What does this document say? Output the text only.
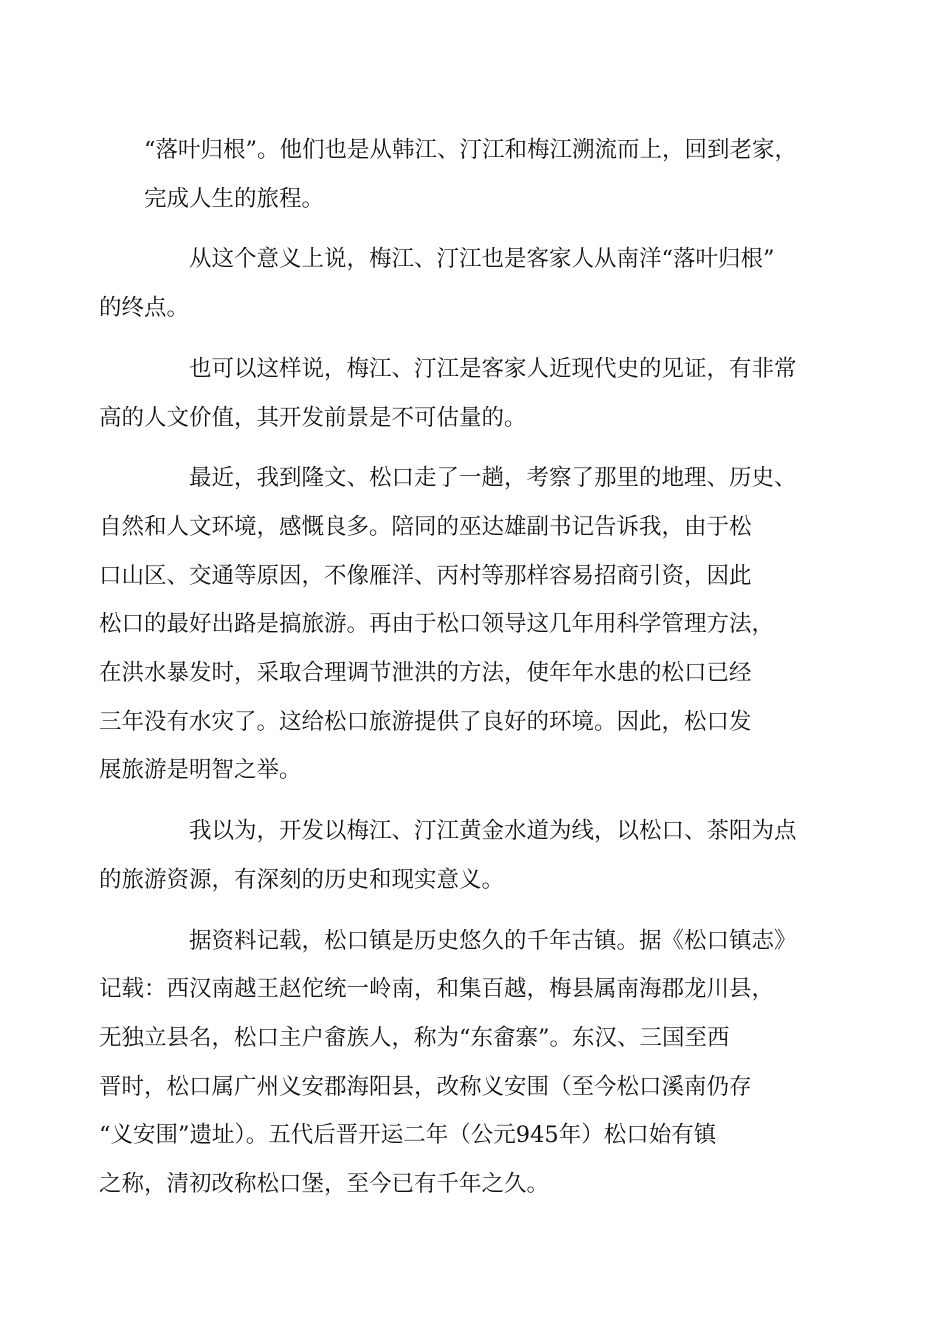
“落叶归根”。他们也是从韩江、汀江和梅江溯流而上，回到老家，
完成人生的旅程。

从这个意义上说，梅江、汀江也是客家人从南洋“落叶归根”
的终点。

也可以这样说，梅江、汀江是客家人近现代史的见证，有非常
高的人文价值，其开发前景是不可估量的。

最近，我到隆文、松口走了一趟，考察了那里的地理、历史、
自然和人文环境，感慨良多。陪同的巫达雄副书记告诉我，由于松
口山区、交通等原因，不像雁洋、丙村等那样容易招商引资，因此
松口的最好出路是搞旅游。再由于松口领导这几年用科学管理方法，
在洪水暴发时，采取合理调节泄洪的方法，使年年水患的松口已经
三年没有水灾了。这给松口旅游提供了良好的环境。因此，松口发
展旅游是明智之举。

我以为，开发以梅江、汀江黄金水道为线，以松口、茶阳为点
的旅游资源，有深刻的历史和现实意义。

据资料记载，松口镇是历史悠久的千年古镇。据《松口镇志》
记载：西汉南越王赵佗统一岭南，和集百越，梅县属南海郡龙川县，
无独立县名，松口主户畲族人，称为“东畲寨”。东汉、三国至西
晋时，松口属广州义安郡海阳县，改称义安围（至今松口溪南仍存
“义安围”遗址）。五代后晋开运二年（公元945年）松口始有镇
之称，清初改称松口堡，至今已有千年之久。
